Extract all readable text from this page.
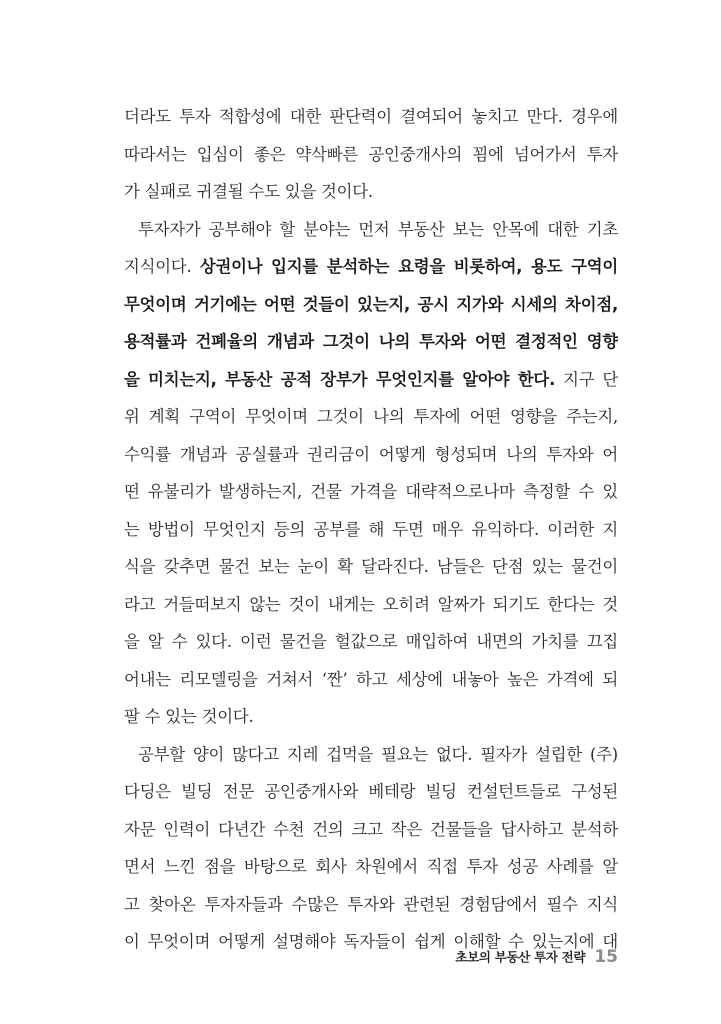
더라도 투자 적합성에 대한 판단력이 결여되어 놓치고 만다. 경우에
따라서는 입심이 좋은 약삭빠른 공인중개사의 꾐에 넘어가서 투자
가 실패로 귀결될 수도 있을 것이다.
투자자가 공부해야 할 분야는 먼저 부동산 보는 안목에 대한 기초
지식이다. 상권이나 입지를 분석하는 요령을 비롯하여, 용도 구역이
무엇이며 거기에는 어떤 것들이 있는지, 공시 지가와 시세의 차이점,
용적률과 건폐율의 개념과 그것이 나의 투자와 어떤 결정적인 영향
을 미치는지, 부동산 공적 장부가 무엇인지를 알아야 한다. 지구 단
위 계획 구역이 무엇이며 그것이 나의 투자에 어떤 영향을 주는지,
수익률 개념과 공실률과 권리금이 어떻게 형성되며 나의 투자와 어
떤 유불리가 발생하는지, 건물 가격을 대략적으로나마 측정할 수 있
는 방법이 무엇인지 등의 공부를 해 두면 매우 유익하다. 이러한 지
식을 갖추면 물건 보는 눈이 확 달라진다. 남들은 단점 있는 물건이
라고 거들떠보지 않는 것이 내게는 오히려 알짜가 되기도 한다는 것
을 알 수 있다. 이런 물건을 헐값으로 매입하여 내면의 가치를 끄집
어내는 리모델링을 거쳐서 ‘짠’ 하고 세상에 내놓아 높은 가격에 되
팔 수 있는 것이다.
공부할 양이 많다고 지레 겁먹을 필요는 없다. 필자가 설립한 (주)
다딩은 빌딩 전문 공인중개사와 베테랑 빌딩 컨설턴트들로 구성된
자문 인력이 다년간 수천 건의 크고 작은 건물들을 답사하고 분석하
면서 느낀 점을 바탕으로 회사 차원에서 직접 투자 성공 사례를 알
고 찾아온 투자자들과 수많은 투자와 관련된 경험담에서 필수 지식
이 무엇이며 어떻게 설명해야 독자들이 쉽게 이해할 수 있는지에 대
초보의 부동산 투자 전략 15
